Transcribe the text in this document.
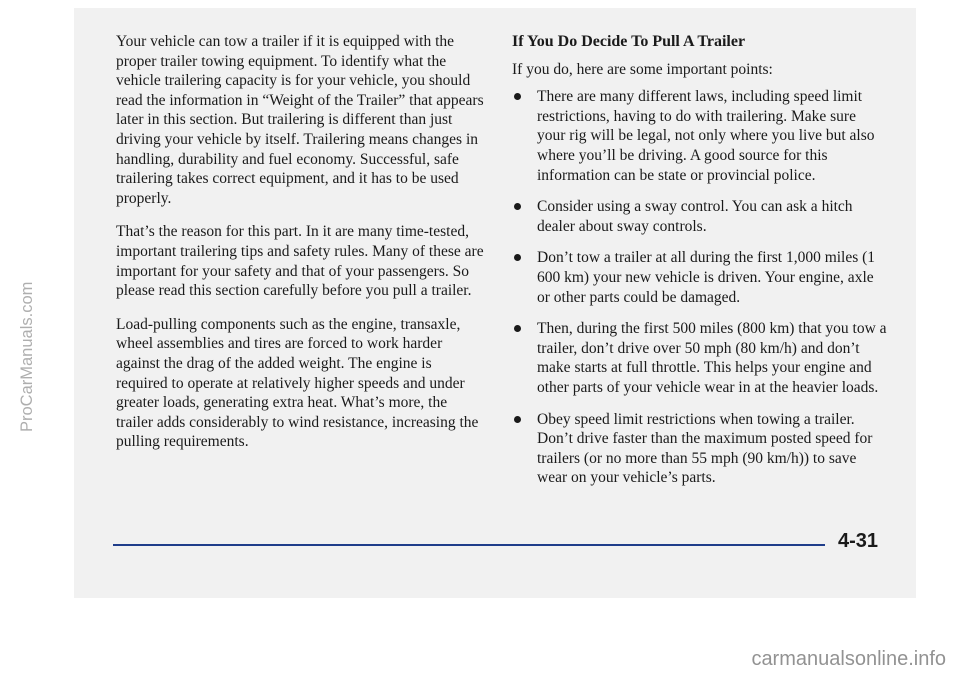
Your vehicle can tow a trailer if it is equipped with the proper trailer towing equipment. To identify what the vehicle trailering capacity is for your vehicle, you should read the information in “Weight of the Trailer” that appears later in this section. But trailering is different than just driving your vehicle by itself. Trailering means changes in handling, durability and fuel economy. Successful, safe trailering takes correct equipment, and it has to be used properly.

That’s the reason for this part. In it are many time-tested, important trailering tips and safety rules. Many of these are important for your safety and that of your passengers. So please read this section carefully before you pull a trailer.

Load-pulling components such as the engine, transaxle, wheel assemblies and tires are forced to work harder against the drag of the added weight. The engine is required to operate at relatively higher speeds and under greater loads, generating extra heat. What’s more, the trailer adds considerably to wind resistance, increasing the pulling requirements.

If You Do Decide To Pull A Trailer

If you do, here are some important points:

There are many different laws, including speed limit restrictions, having to do with trailering. Make sure your rig will be legal, not only where you live but also where you’ll be driving. A good source for this information can be state or provincial police.
Consider using a sway control. You can ask a hitch dealer about sway controls.
Don’t tow a trailer at all during the first 1,000 miles (1 600 km) your new vehicle is driven. Your engine, axle or other parts could be damaged.
Then, during the first 500 miles (800 km) that you tow a trailer, don’t drive over 50 mph (80 km/h) and don’t make starts at full throttle. This helps your engine and other parts of your vehicle wear in at the heavier loads.
Obey speed limit restrictions when towing a trailer. Don’t drive faster than the maximum posted speed for trailers (or no more than 55 mph (90 km/h)) to save wear on your vehicle’s parts.
4-31
ProCarManuals.com
carmanualsonline.info
